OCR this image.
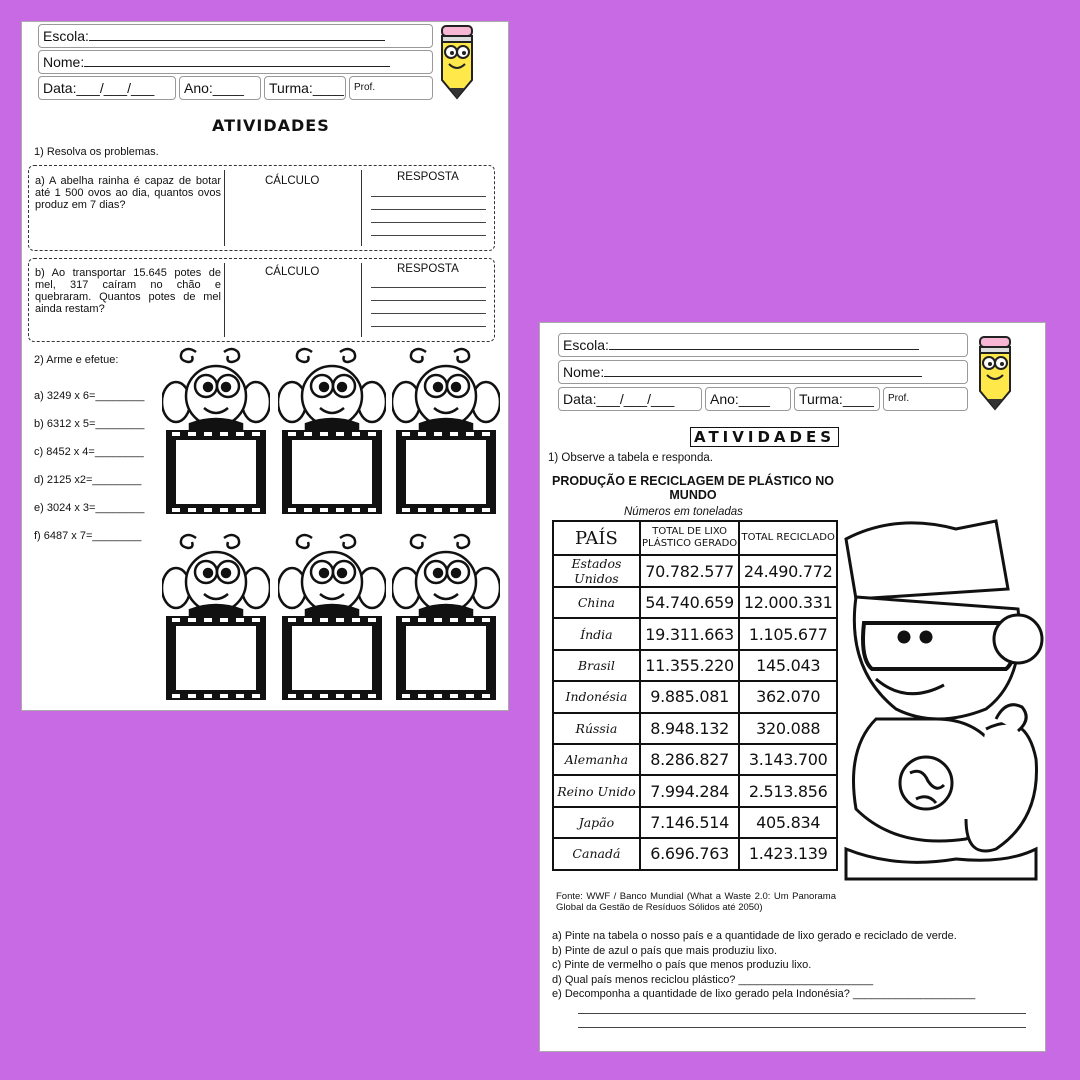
Escola:
Nome:
Data:___/___/___	Ano:____	Turma:____	Prof.
ATIVIDADES
1) Resolva os problemas.
a) A abelha rainha é capaz de botar até 1 500 ovos ao dia, quantos ovos produz em 7 dias?
CÁLCULO	RESPOSTA
b) Ao transportar 15.645 potes de mel, 317 caíram no chão e quebraram. Quantos potes de mel ainda restam?
CÁLCULO	RESPOSTA
2) Arme e efetue:
a) 3249 x 6=________
b) 6312 x 5=________
c) 8452 x 4=________
d) 2125 x2=________
e) 3024 x 3=________
f) 6487 x 7=________
Escola:
Nome:
Data:___/___/___	Ano:____	Turma:____	Prof.
ATIVIDADES
1) Observe a tabela e responda.
PRODUÇÃO E RECICLAGEM DE PLÁSTICO NO MUNDO
Números em toneladas
PAÍS	TOTAL DE LIXO PLÁSTICO GERADO	TOTAL RECICLADO
Estados Unidos	70.782.577	24.490.772
China	54.740.659	12.000.331
Índia	19.311.663	1.105.677
Brasil	11.355.220	145.043
Indonésia	9.885.081	362.070
Rússia	8.948.132	320.088
Alemanha	8.286.827	3.143.700
Reino Unido	7.994.284	2.513.856
Japão	7.146.514	405.834
Canadá	6.696.763	1.423.139
Fonte: WWF / Banco Mundial (What a Waste 2.0: Um Panorama Global da Gestão de Resíduos Sólidos até 2050)
a) Pinte na tabela o nosso país e a quantidade de lixo gerado e reciclado de verde.
b) Pinte de azul o país que mais produziu lixo.
c) Pinte de vermelho o país que menos produziu lixo.
d) Qual país menos reciclou plástico? ______________________
e) Decomponha a quantidade de lixo gerado pela Indonésia? ____________________
